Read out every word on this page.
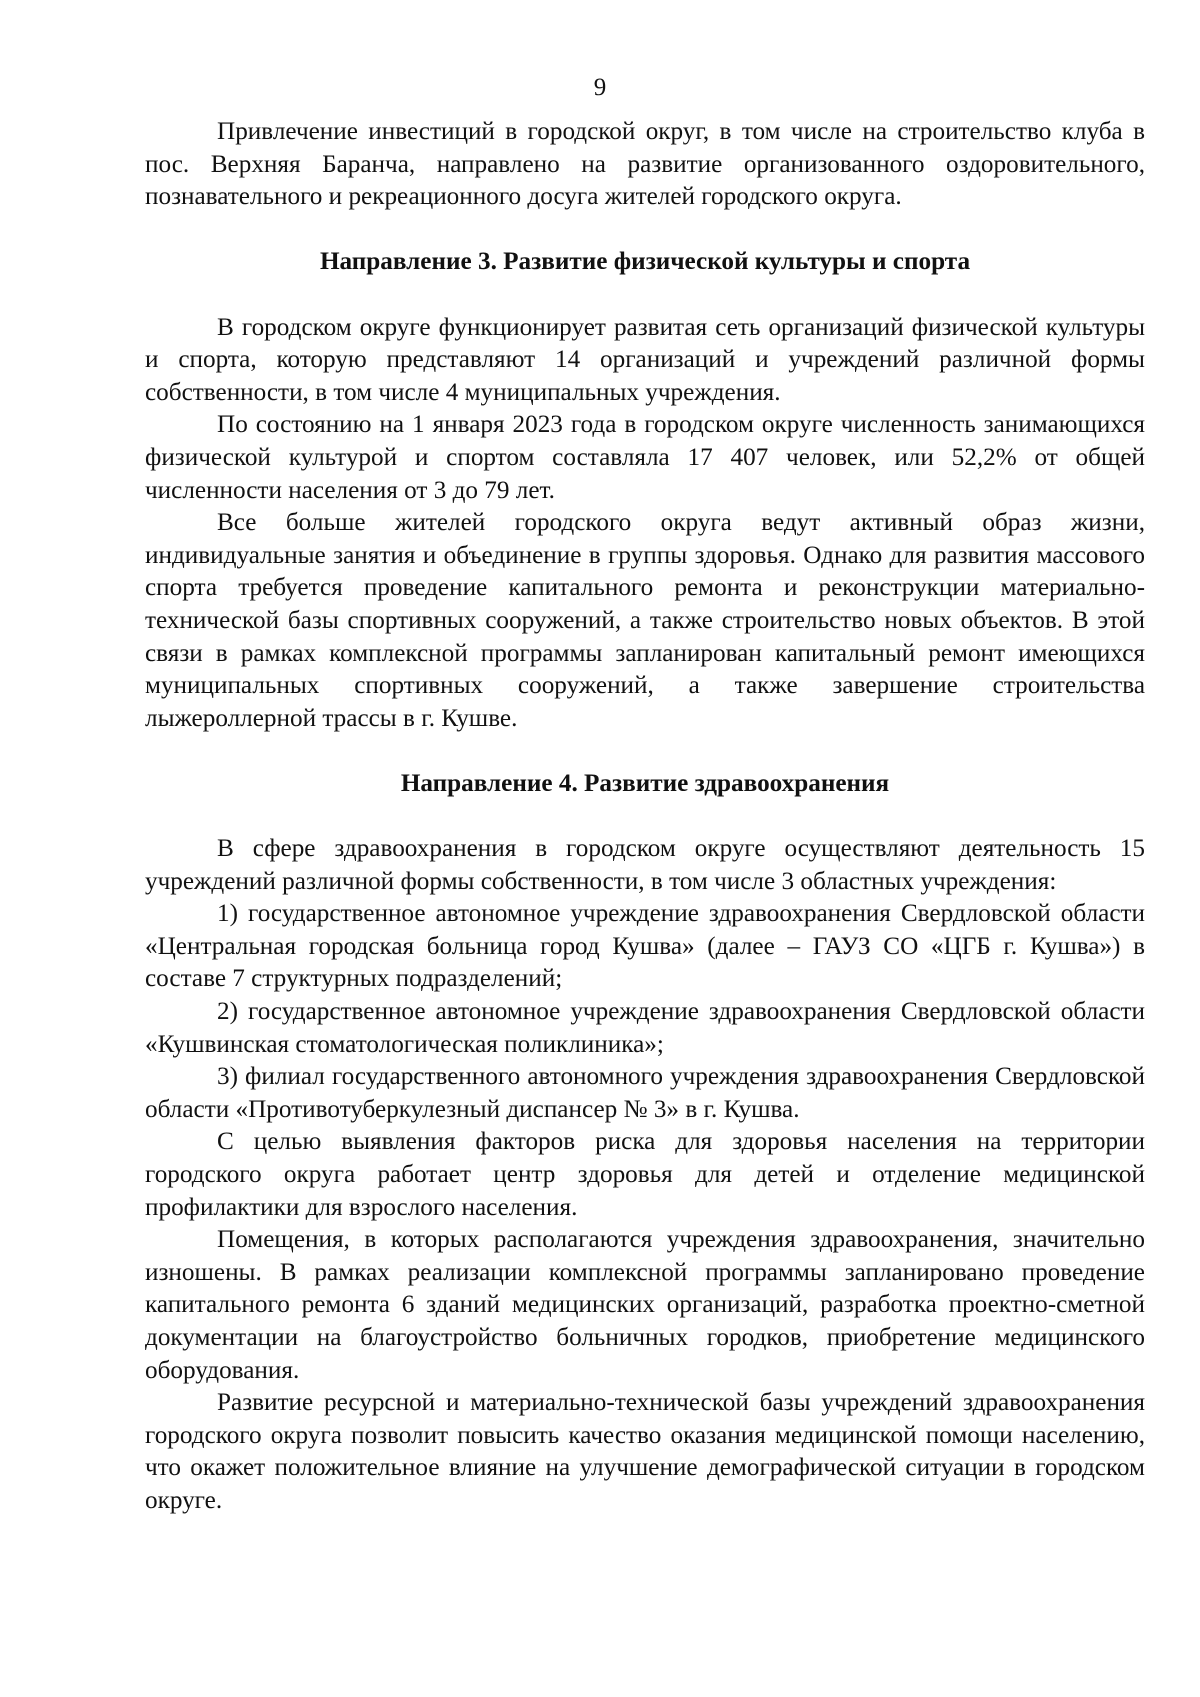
9

Привлечение инвестиций в городской округ, в том числе на строительство клуба в пос. Верхняя Баранча, направлено на развитие организованного оздоровительного, познавательного и рекреационного досуга жителей городского округа.

Направление 3. Развитие физической культуры и спорта

В городском округе функционирует развитая сеть организаций физической культуры и спорта, которую представляют 14 организаций и учреждений различной формы собственности, в том числе 4 муниципальных учреждения.

По состоянию на 1 января 2023 года в городском округе численность занимающихся физической культурой и спортом составляла 17 407 человек, или 52,2% от общей численности населения от 3 до 79 лет.

Все больше жителей городского округа ведут активный образ жизни, индивидуальные занятия и объединение в группы здоровья. Однако для развития массового спорта требуется проведение капитального ремонта и реконструкции материально-технической базы спортивных сооружений, а также строительство новых объектов. В этой связи в рамках комплексной программы запланирован капитальный ремонт имеющихся муниципальных спортивных сооружений, а также завершение строительства лыжероллерной трассы в г. Кушве.

Направление 4. Развитие здравоохранения

В сфере здравоохранения в городском округе осуществляют деятельность 15 учреждений различной формы собственности, в том числе 3 областных учреждения:

1) государственное автономное учреждение здравоохранения Свердловской области «Центральная городская больница город Кушва» (далее – ГАУЗ СО «ЦГБ г. Кушва») в составе 7 структурных подразделений;

2) государственное автономное учреждение здравоохранения Свердловской области «Кушвинская стоматологическая поликлиника»;

3) филиал государственного автономного учреждения здравоохранения Свердловской области «Противотуберкулезный диспансер № 3» в г. Кушва.

С целью выявления факторов риска для здоровья населения на территории городского округа работает центр здоровья для детей и отделение медицинской профилактики для взрослого населения.

Помещения, в которых располагаются учреждения здравоохранения, значительно изношены. В рамках реализации комплексной программы запланировано проведение капитального ремонта 6 зданий медицинских организаций, разработка проектно-сметной документации на благоустройство больничных городков, приобретение медицинского оборудования.

Развитие ресурсной и материально-технической базы учреждений здравоохранения городского округа позволит повысить качество оказания медицинской помощи населению, что окажет положительное влияние на улучшение демографической ситуации в городском округе.
